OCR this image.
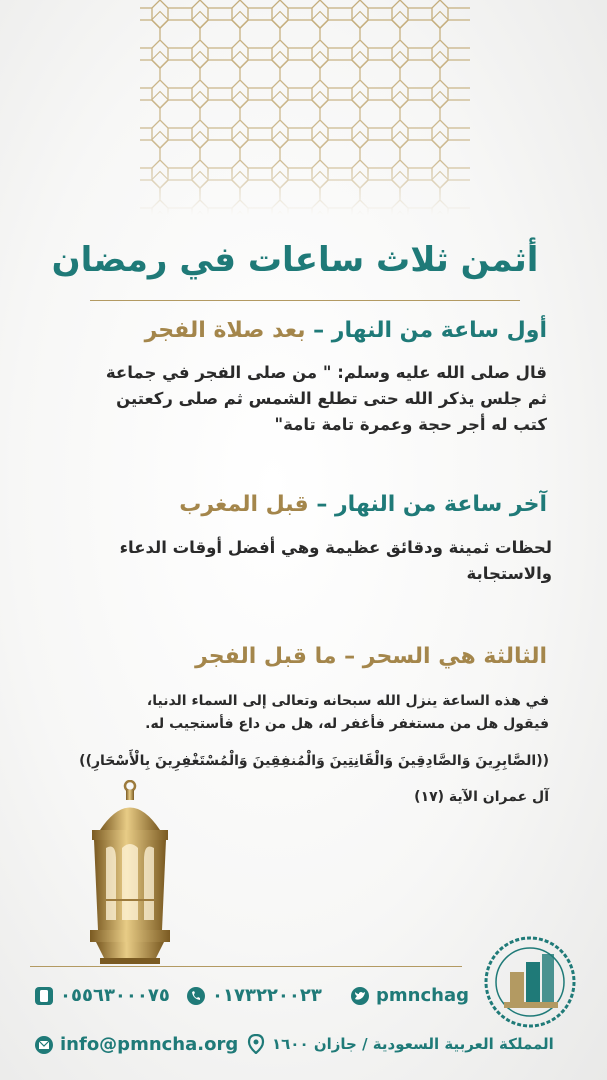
أثمن ثلاث ساعات في رمضان
أول ساعة من النهار – بعد صلاة الفجر
قال صلى الله عليه وسلم: " من صلى الفجر في جماعة
ثم جلس يذكر الله حتى تطلع الشمس ثم صلى ركعتين
كتب له أجر حجة وعمرة تامة تامة"
آخر ساعة من النهار – قبل المغرب
لحظات ثمينة ودقائق عظيمة وهي أفضل أوقات الدعاء
والاستجابة
الثالثة هي السحر – ما قبل الفجر
في هذه الساعة ينزل الله سبحانه وتعالى إلى السماء الدنيا،
فيقول هل من مستغفر فأغفر له، هل من داع فأستجيب له.
((الصَّابِرِينَ وَالصَّادِقِينَ وَالْقَانِتِينَ وَالْمُنفِقِينَ وَالْمُسْتَغْفِرِينَ بِالْأَسْحَارِ))
آل عمران الآية (١٧)
٠٥٥٦٣٠٠٠٧٥ ٠١٧٣٢٢٠٠٢٣	pmnchag
info@pmncha.org المملكة العربية السعودية / جازان ١٦٠٠
